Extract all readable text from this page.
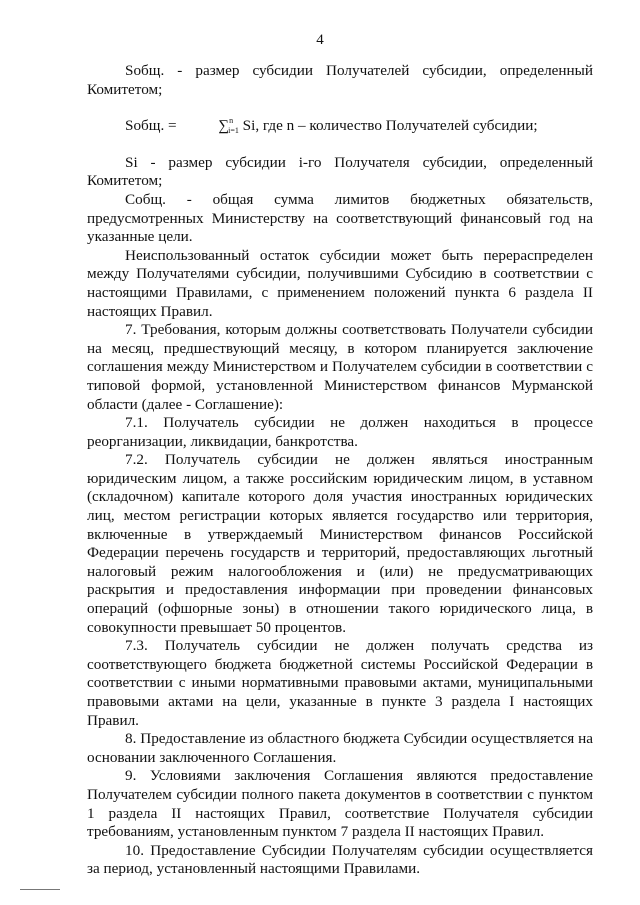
4

Sобщ. - размер субсидии Получателей субсидии, определенный Комитетом;

Sобщ. =	∑$^n_{i=1}$ Si, где n – количество Получателей субсидии;

Si - размер субсидии i-го Получателя субсидии, определенный Комитетом;

Cобщ. - общая сумма лимитов бюджетных обязательств, предусмотренных Министерству на соответствующий финансовый год на указанные цели.

Неиспользованный остаток субсидии может быть перераспределен между Получателями субсидии, получившими Субсидию в соответствии с настоящими Правилами, с применением положений пункта 6 раздела II настоящих Правил.

7. Требования, которым должны соответствовать Получатели субсидии на месяц, предшествующий месяцу, в котором планируется заключение соглашения между Министерством и Получателем субсидии в соответствии с типовой формой, установленной Министерством финансов Мурманской области (далее - Соглашение):

7.1. Получатель субсидии не должен находиться в процессе реорганизации, ликвидации, банкротства.

7.2. Получатель субсидии не должен являться иностранным юридическим лицом, а также российским юридическим лицом, в уставном (складочном) капитале которого доля участия иностранных юридических лиц, местом регистрации которых является государство или территория, включенные в утверждаемый Министерством финансов Российской Федерации перечень государств и территорий, предоставляющих льготный налоговый режим налогообложения и (или) не предусматривающих раскрытия и предоставления информации при проведении финансовых операций (офшорные зоны) в отношении такого юридического лица, в совокупности превышает 50 процентов.

7.3. Получатель субсидии не должен получать средства из соответствующего бюджета бюджетной системы Российской Федерации в соответствии с иными нормативными правовыми актами, муниципальными правовыми актами на цели, указанные в пункте 3 раздела I настоящих Правил.

8. Предоставление из областного бюджета Субсидии осуществляется на основании заключенного Соглашения.

9. Условиями заключения Соглашения являются предоставление Получателем субсидии полного пакета документов в соответствии с пунктом 1 раздела II настоящих Правил, соответствие Получателя субсидии требованиям, установленным пунктом 7 раздела II настоящих Правил.

10. Предоставление Субсидии Получателям субсидии осуществляется за период, установленный настоящими Правилами.
